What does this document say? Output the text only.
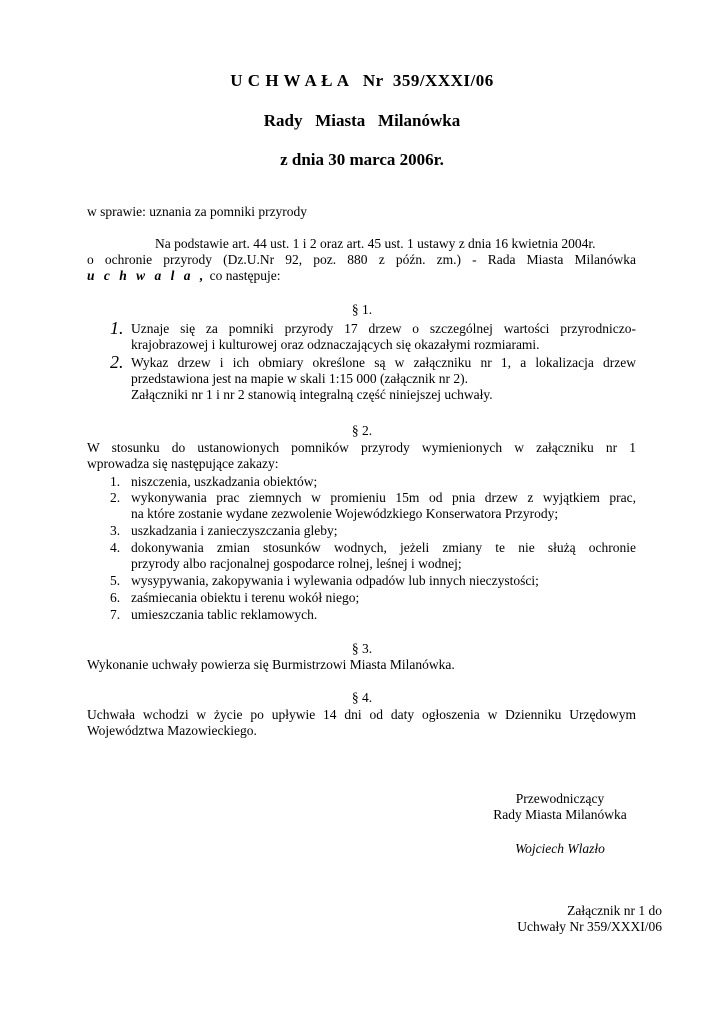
U C H W A Ł A   Nr  359/XXXI/06
Rady   Miasta   Milanówka
z dnia 30 marca 2006r.
w sprawie: uznania za pomniki przyrody
Na podstawie art. 44 ust. 1 i 2 oraz art. 45 ust. 1 ustawy z dnia 16 kwietnia 2004r.
o ochronie przyrody (Dz.U.Nr 92, poz. 880 z późn. zm.) - Rada Miasta Milanówka
u c h w a l a , co następuje:
§ 1.
1. Uznaje się za pomniki przyrody 17 drzew o szczególnej wartości przyrodniczo-
krajobrazowej i kulturowej oraz odznaczających się okazałymi rozmiarami.
2. Wykaz drzew i ich obmiary określone są w załączniku nr 1, a lokalizacja drzew
przedstawiona jest na mapie w skali 1:15 000 (załącznik nr 2).
Załączniki nr 1 i nr 2 stanowią integralną część niniejszej uchwały.
§ 2.
W stosunku do ustanowionych pomników przyrody wymienionych w załączniku nr 1
wprowadza się następujące zakazy:
1. niszczenia, uszkadzania obiektów;
2. wykonywania prac ziemnych w promieniu 15m od pnia drzew z wyjątkiem prac,
na które zostanie wydane zezwolenie Wojewódzkiego Konserwatora Przyrody;
3. uszkadzania i zanieczyszczania gleby;
4. dokonywania zmian stosunków wodnych, jeżeli zmiany te nie służą ochronie
przyrody albo racjonalnej gospodarce rolnej, leśnej i wodnej;
5. wysypywania, zakopywania i wylewania odpadów lub innych nieczystości;
6. zaśmiecania obiektu i terenu wokół niego;
7. umieszczania tablic reklamowych.
§ 3.
Wykonanie uchwały powierza się Burmistrzowi Miasta Milanówka.
§ 4.
Uchwała wchodzi w życie po upływie 14 dni od daty ogłoszenia w Dzienniku Urzędowym
Województwa Mazowieckiego.
Przewodniczący
Rady Miasta Milanówka
Wojciech Wlazło
Załącznik nr 1 do
Uchwały Nr 359/XXXI/06
